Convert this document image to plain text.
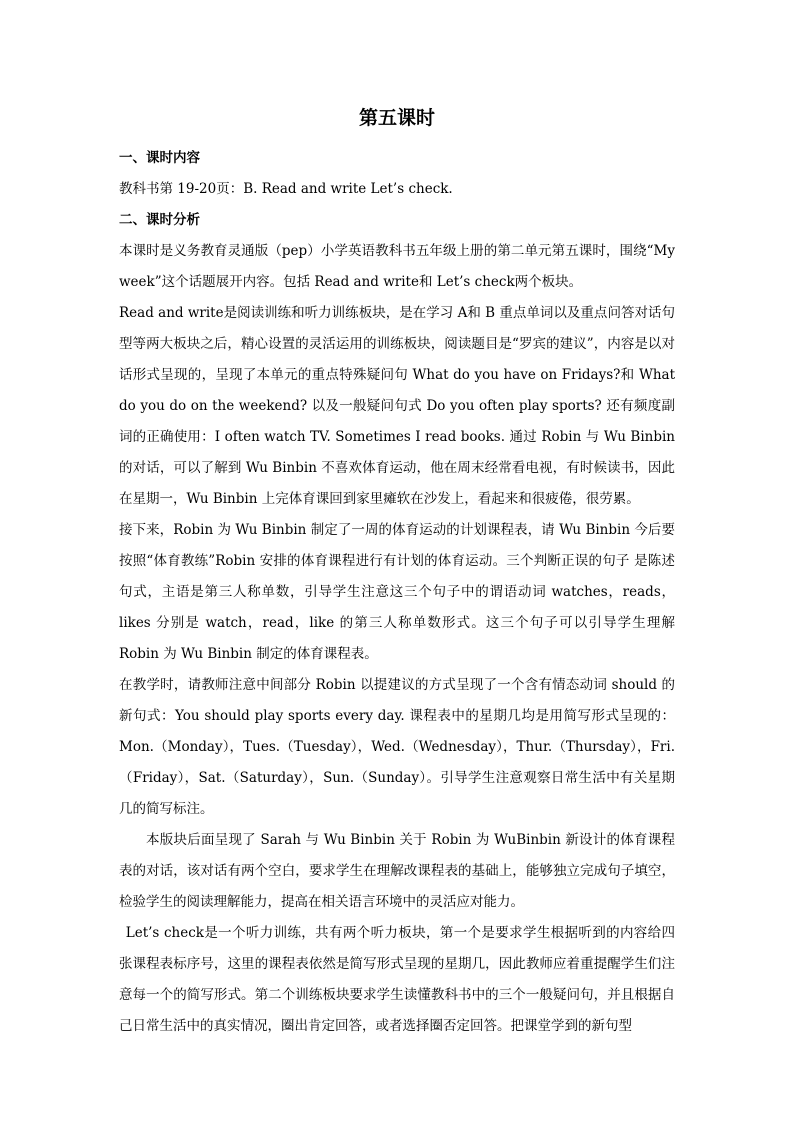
第五课时
一、课时内容

教科书第 19-20页：B. Read and write Let’s check.

二、课时分析

本课时是义务教育灵通版（pep）小学英语教科书五年级上册的第二单元第五课时，围绕“My week”这个话题展开内容。包括 Read and write和 Let’s check两个板块。

Read and write是阅读训练和听力训练板块，是在学习 A和 B 重点单词以及重点问答对话句型等两大板块之后，精心设置的灵活运用的训练板块，阅读题目是“罗宾的建议”，内容是以对话形式呈现的，呈现了本单元的重点特殊疑问句 What do you have on Fridays?和 What do you do on the weekend? 以及一般疑问句式 Do you often play sports? 还有频度副词的正确使用：I often watch TV. Sometimes I read books. 通过 Robin 与 Wu Binbin 的对话，可以了解到 Wu Binbin 不喜欢体育运动，他在周末经常看电视，有时候读书，因此在星期一，Wu Binbin 上完体育课回到家里瘫软在沙发上，看起来和很疲倦，很劳累。

接下来，Robin 为 Wu Binbin 制定了一周的体育运动的计划课程表，请 Wu Binbin 今后要按照“体育教练”Robin 安排的体育课程进行有计划的体育运动。三个判断正误的句子 是陈述句式，主语是第三人称单数，引导学生注意这三个句子中的谓语动词 watches，reads，likes 分别是 watch，read，like 的第三人称单数形式。这三个句子可以引导学生理解 Robin 为 Wu Binbin 制定的体育课程表。

在教学时，请教师注意中间部分 Robin 以提建议的方式呈现了一个含有情态动词 should 的新句式：You should play sports every day. 课程表中的星期几均是用简写形式呈现的：Mon.（Monday），Tues.（Tuesday），Wed.（Wednesday），Thur.（Thursday），Fri.（Friday），Sat.（Saturday），Sun.（Sunday）。引导学生注意观察日常生活中有关星期几的简写标注。

本版块后面呈现了 Sarah 与 Wu Binbin 关于 Robin 为 WuBinbin 新设计的体育课程表的对话，该对话有两个空白，要求学生在理解改课程表的基础上，能够独立完成句子填空，检验学生的阅读理解能力，提高在相关语言环境中的灵活应对能力。

Let’s check是一个听力训练，共有两个听力板块，第一个是要求学生根据听到的内容给四张课程表标序号，这里的课程表依然是简写形式呈现的星期几，因此教师应着重提醒学生们注意每一个的简写形式。第二个训练板块要求学生读懂教科书中的三个一般疑问句，并且根据自己日常生活中的真实情况，圈出肯定回答，或者选择圈否定回答。把课堂学到的新句型
